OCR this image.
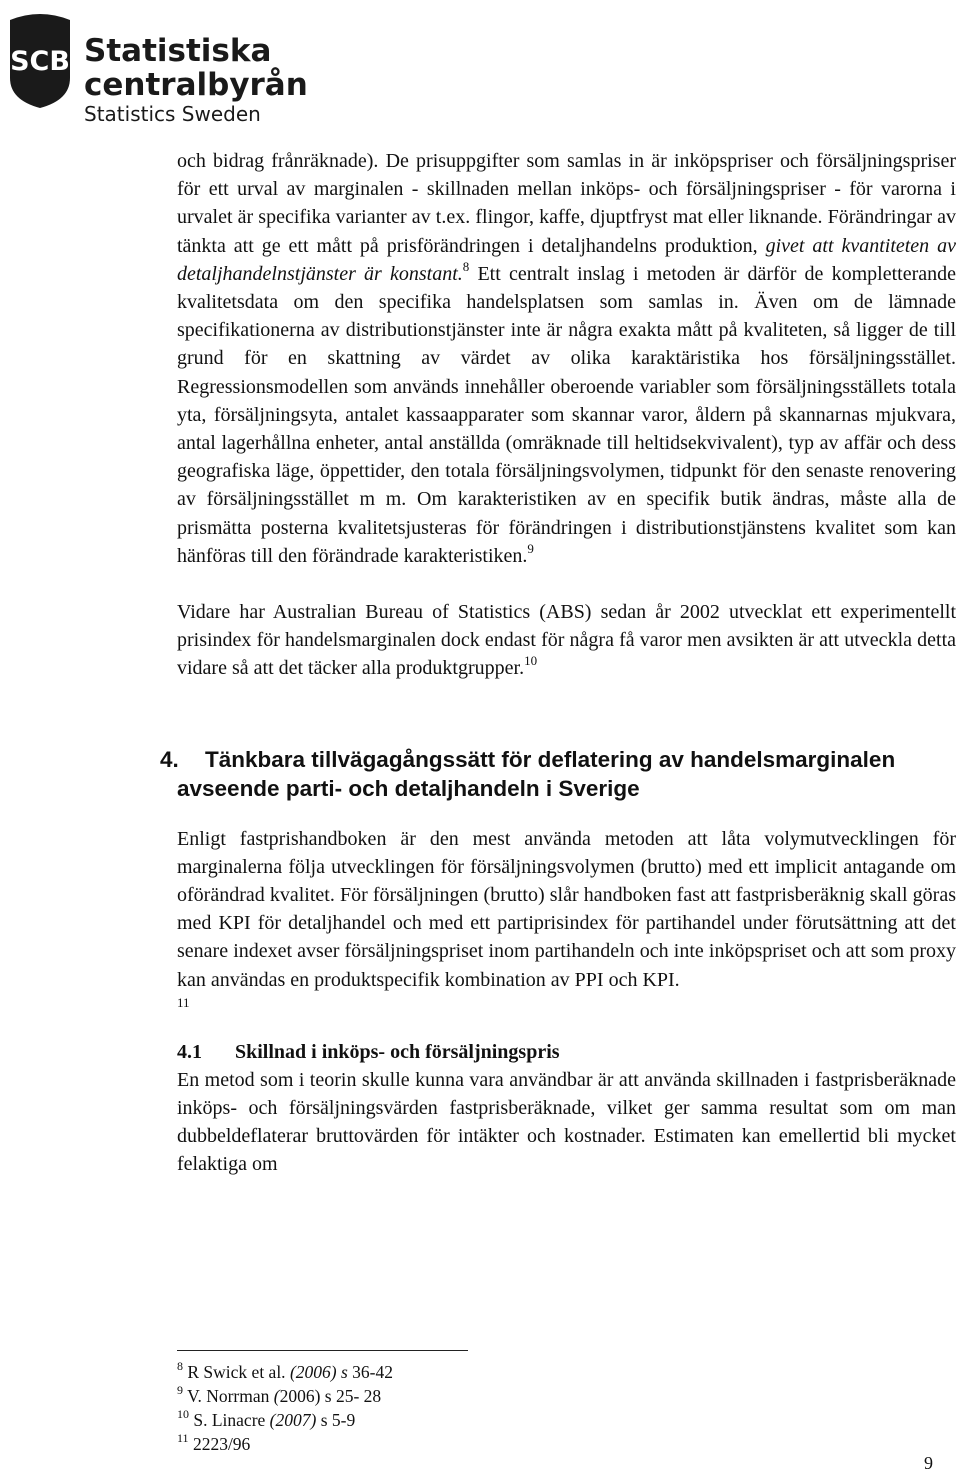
SCB Statistiska centralbyrån
Statistics Sweden

och bidrag frånräknade). De prisuppgifter som samlas in är inköpspriser och försäljningspriser för ett urval av marginalen - skillnaden mellan inköps- och försäljningspriser - för varorna i urvalet är specifika varianter av t.ex. flingor, kaffe, djuptfryst mat eller liknande. Förändringar av tänkta att ge ett mått på prisförändringen i detaljhandelns produktion, givet att kvantiteten av detaljhandelnstjänster är konstant.$^8$ Ett centralt inslag i metoden är därför de kompletterande kvalitetsdata om den specifika handelsplatsen som samlas in. Även om de lämnade specifikationerna av distributionstjänster inte är några exakta mått på kvaliteten, så ligger de till grund för en skattning av värdet av olika karaktäristika hos försäljningsstället. Regressionsmodellen som används innehåller oberoende variabler som försäljningsställets totala yta, försäljningsyta, antalet kassaapparater som skannar varor, åldern på skannarnas mjukvara, antal lagerhållna enheter, antal anställda (omräknade till heltidsekvivalent), typ av affär och dess geografiska läge, öppettider, den totala försäljningsvolymen, tidpunkt för den senaste renovering av försäljningsstället m m. Om karakteristiken av en specifik butik ändras, måste alla de prismätta posterna kvalitetsjusteras för förändringen i distributionstjänstens kvalitet som kan hänföras till den förändrade karakteristiken.$^9$

Vidare har Australian Bureau of Statistics (ABS) sedan år 2002 utvecklat ett experimentellt prisindex för handelsmarginalen dock endast för några få varor men avsikten är att utveckla detta vidare så att det täcker alla produktgrupper.$^{10}$

4. Tänkbara tillvägagångssätt för deflatering av handelsmarginalen avseende parti- och detaljhandeln i Sverige

Enligt fastprishandboken är den mest använda metoden att låta volymutvecklingen för marginalerna följa utvecklingen för försäljningsvolymen (brutto) med ett implicit antagande om oförändrad kvalitet. För försäljningen (brutto) slår handboken fast att fastprisberäknig skall göras med KPI för detaljhandel och med ett partiprisindex för partihandel under förutsättning att det senare indexet avser försäljningspriset inom partihandeln och inte inköpspriset och att som proxy kan användas en produktspecifik kombination av PPI och KPI.

11
4.1 Skillnad i inköps- och försäljningspris

En metod som i teorin skulle kunna vara användbar är att använda skillnaden i fastprisberäknade inköps- och försäljningsvärden fastprisberäknade, vilket ger samma resultat som om man dubbeldeflaterar bruttovärden för intäkter och kostnader. Estimaten kan emellertid bli mycket felaktiga om

$^8$ R Swick et al. (2006) s 36-42
$^9$ V. Norrman (2006) s 25- 28
$^{10}$ S. Linacre (2007) s 5-9
$^{11}$ 2223/96
9
